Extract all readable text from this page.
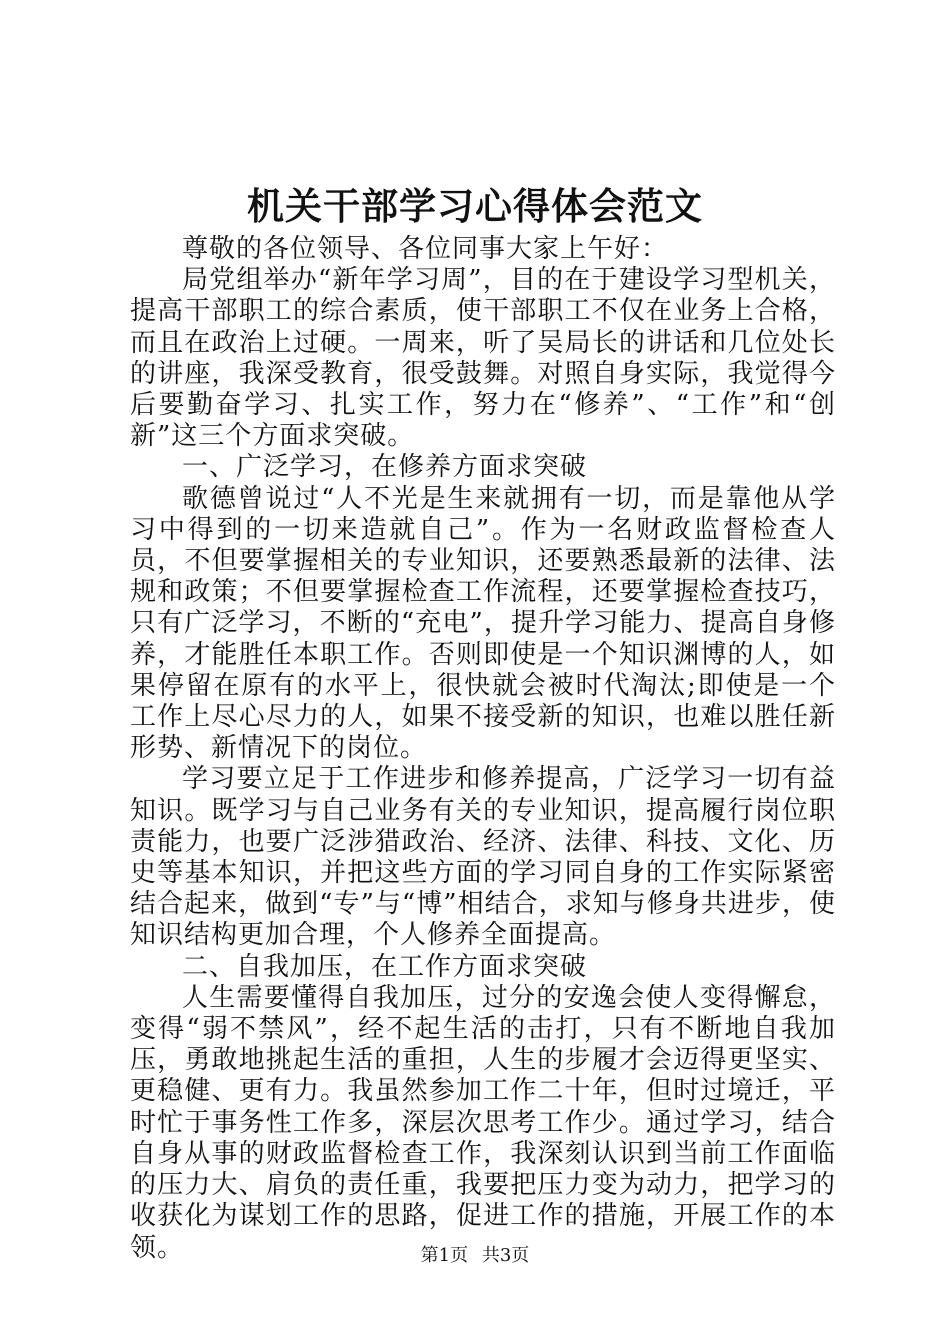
机关干部学习心得体会范文

尊敬的各位领导、各位同事大家上午好：

局党组举办“新年学习周”，目的在于建设学习型机关，提高干部职工的综合素质，使干部职工不仅在业务上合格，而且在政治上过硬。一周来，听了吴局长的讲话和几位处长的讲座，我深受教育，很受鼓舞。对照自身实际，我觉得今后要勤奋学习、扎实工作，努力在“修养”、“工作”和“创新”这三个方面求突破。

一、广泛学习，在修养方面求突破

歌德曾说过“人不光是生来就拥有一切，而是靠他从学习中得到的一切来造就自己”。作为一名财政监督检查人员，不但要掌握相关的专业知识，还要熟悉最新的法律、法规和政策；不但要掌握检查工作流程，还要掌握检查技巧，只有广泛学习，不断的“充电”，提升学习能力、提高自身修养，才能胜任本职工作。否则即使是一个知识渊博的人，如果停留在原有的水平上，很快就会被时代淘汰;即使是一个工作上尽心尽力的人，如果不接受新的知识，也难以胜任新形势、新情况下的岗位。

学习要立足于工作进步和修养提高，广泛学习一切有益知识。既学习与自己业务有关的专业知识，提高履行岗位职责能力，也要广泛涉猎政治、经济、法律、科技、文化、历史等基本知识，并把这些方面的学习同自身的工作实际紧密结合起来，做到“专”与“博”相结合，求知与修身共进步，使知识结构更加合理，个人修养全面提高。

二、自我加压，在工作方面求突破

人生需要懂得自我加压，过分的安逸会使人变得懈怠，变得“弱不禁风”，经不起生活的击打，只有不断地自我加压，勇敢地挑起生活的重担，人生的步履才会迈得更坚实、更稳健、更有力。我虽然参加工作二十年，但时过境迁，平时忙于事务性工作多，深层次思考工作少。通过学习，结合自身从事的财政监督检查工作，我深刻认识到当前工作面临的压力大、肩负的责任重，我要把压力变为动力，把学习的收获化为谋划工作的思路，促进工作的措施，开展工作的本领。	第1页 共3页
